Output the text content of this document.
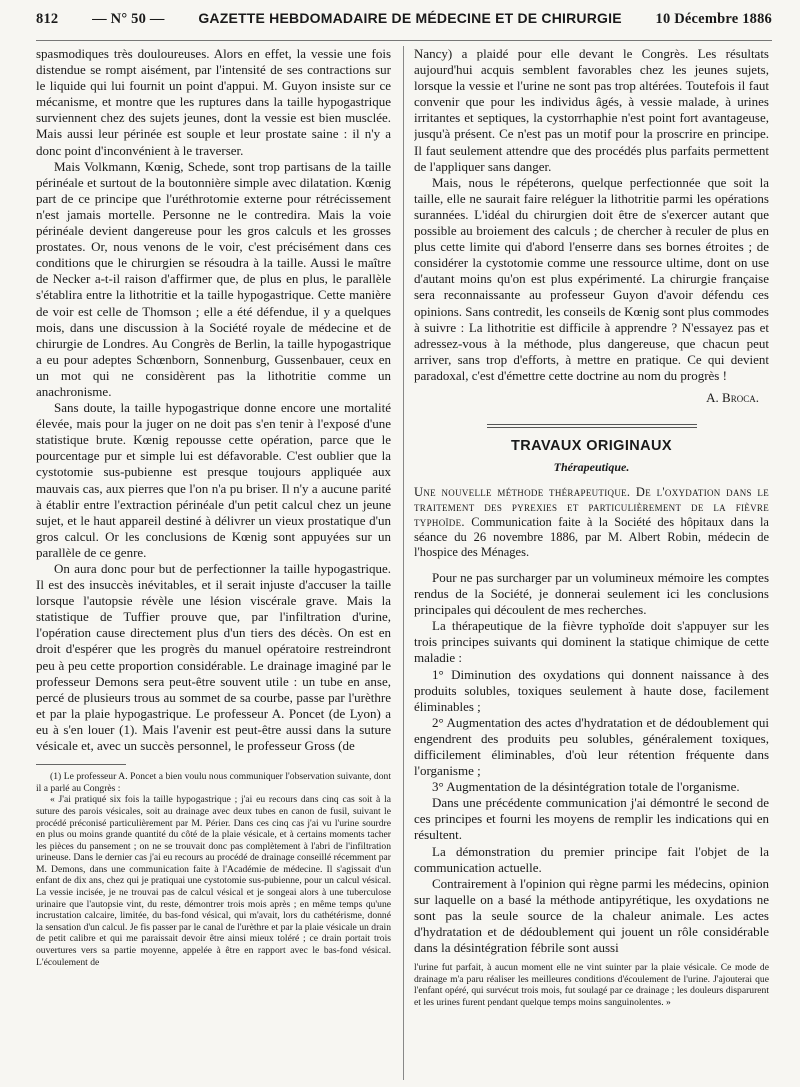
812 — N° 50 — GAZETTE HEBDOMADAIRE DE MÉDECINE ET DE CHIRURGIE 10 Décembre 1886

spasmodiques très douloureuses. Alors en effet, la vessie une fois distendue se rompt aisément, par l'intensité de ses contractions sur le liquide qui lui fournit un point d'appui. M. Guyon insiste sur ce mécanisme, et montre que les ruptures dans la taille hypogastrique surviennent chez des sujets jeunes, dont la vessie est bien musclée. Mais aussi leur périnée est souple et leur prostate saine : il n'y a donc point d'inconvénient à le traverser.

Mais Volkmann, Kœnig, Schede, sont trop partisans de la taille périnéale et surtout de la boutonnière simple avec dilatation. Kœnig part de ce principe que l'uréthrotomie externe pour rétrécissement n'est jamais mortelle. Personne ne le contredira. Mais la voie périnéale devient dangereuse pour les gros calculs et les grosses prostates. Or, nous venons de le voir, c'est précisément dans ces conditions que le chirurgien se résoudra à la taille. Aussi le maître de Necker a-t-il raison d'affirmer que, de plus en plus, le parallèle s'établira entre la lithotritie et la taille hypogastrique. Cette manière de voir est celle de Thomson ; elle a été défendue, il y a quelques mois, dans une discussion à la Société royale de médecine et de chirurgie de Londres. Au Congrès de Berlin, la taille hypogastrique a eu pour adeptes Schœnborn, Sonnenburg, Gussenbauer, ceux en un mot qui ne considèrent pas la lithotritie comme un anachronisme.

Sans doute, la taille hypogastrique donne encore une mortalité élevée, mais pour la juger on ne doit pas s'en tenir à l'exposé d'une statistique brute. Kœnig repousse cette opération, parce que le pourcentage pur et simple lui est défavorable. C'est oublier que la cystotomie sus-pubienne est presque toujours appliquée aux mauvais cas, aux pierres que l'on n'a pu briser. Il n'y a aucune parité à établir entre l'extraction périnéale d'un petit calcul chez un jeune sujet, et le haut appareil destiné à délivrer un vieux prostatique d'un gros calcul. Or les conclusions de Kœnig sont appuyées sur un parallèle de ce genre.

On aura donc pour but de perfectionner la taille hypogastrique. Il est des insuccès inévitables, et il serait injuste d'accuser la taille lorsque l'autopsie révèle une lésion viscérale grave. Mais la statistique de Tuffier prouve que, par l'infiltration d'urine, l'opération cause directement plus d'un tiers des décès. On est en droit d'espérer que les progrès du manuel opératoire restreindront peu à peu cette proportion considérable. Le drainage imaginé par le professeur Demons sera peut-être souvent utile : un tube en anse, percé de plusieurs trous au sommet de sa courbe, passe par l'urèthre et par la plaie hypogastrique. Le professeur A. Poncet (de Lyon) a eu à s'en louer (1). Mais l'avenir est peut-être aussi dans la suture vésicale et, avec un succès personnel, le professeur Gross (de

(1) Le professeur A. Poncet a bien voulu nous communiquer l'observation suivante, dont il a parlé au Congrès :

« J'ai pratiqué six fois la taille hypogastrique ; j'ai eu recours dans cinq cas soit à la suture des parois vésicales, soit au drainage avec deux tubes en canon de fusil, suivant le procédé préconisé particulièrement par M. Périer. Dans ces cinq cas j'ai vu l'urine sourdre en plus ou moins grande quantité du côté de la plaie vésicale, et à certains moments tacher les pièces du pansement ; on ne se trouvait donc pas complètement à l'abri de l'infiltration urineuse. Dans le dernier cas j'ai eu recours au procédé de drainage conseillé récemment par M. Demons, dans une communication faite à l'Académie de médecine. Il s'agissait d'un enfant de dix ans, chez qui je pratiquai une cystotomie sus-pubienne, pour un calcul vésical. La vessie incisée, je ne trouvai pas de calcul vésical et je songeai alors à une tuberculose urinaire que l'autopsie vint, du reste, démontrer trois mois après ; en même temps qu'une incrustation calcaire, limitée, du bas-fond vésical, qui m'avait, lors du cathétérisme, donné la sensation d'un calcul. Je fis passer par le canal de l'urèthre et par la plaie vésicale un drain de petit calibre et qui me paraissait devoir être ainsi mieux toléré ; ce drain portait trois ouvertures vers sa partie moyenne, appelée à être en rapport avec le bas-fond vésical. L'écoulement de

Nancy) a plaidé pour elle devant le Congrès. Les résultats aujourd'hui acquis semblent favorables chez les jeunes sujets, lorsque la vessie et l'urine ne sont pas trop altérées. Toutefois il faut convenir que pour les individus âgés, à vessie malade, à urines irritantes et septiques, la cystorrhaphie n'est point fort avantageuse, jusqu'à présent. Ce n'est pas un motif pour la proscrire en principe. Il faut seulement attendre que des procédés plus parfaits permettent de l'appliquer sans danger.

Mais, nous le répéterons, quelque perfectionnée que soit la taille, elle ne saurait faire reléguer la lithotritie parmi les opérations surannées. L'idéal du chirurgien doit être de s'exercer autant que possible au broiement des calculs ; de chercher à reculer de plus en plus cette limite qui d'abord l'enserre dans ses bornes étroites ; de considérer la cystotomie comme une ressource ultime, dont on use d'autant moins qu'on est plus expérimenté. La chirurgie française sera reconnaissante au professeur Guyon d'avoir défendu ces opinions. Sans contredit, les conseils de Kœnig sont plus commodes à suivre : La lithotritie est difficile à apprendre ? N'essayez pas et adressez-vous à la méthode, plus dangereuse, que chacun peut arriver, sans trop d'efforts, à mettre en pratique. Ce qui devient paradoxal, c'est d'émettre cette doctrine au nom du progrès !

A. Broca.
TRAVAUX ORIGINAUX
Thérapeutique.
Une nouvelle méthode thérapeutique. De l'oxydation dans le traitement des pyrexies et particulièrement de la fièvre typhoïde. Communication faite à la Société des hôpitaux dans la séance du 26 novembre 1886, par M. Albert Robin, médecin de l'hospice des Ménages.

Pour ne pas surcharger par un volumineux mémoire les comptes rendus de la Société, je donnerai seulement ici les conclusions principales qui découlent de mes recherches.

La thérapeutique de la fièvre typhoïde doit s'appuyer sur les trois principes suivants qui dominent la statique chimique de cette maladie :

1° Diminution des oxydations qui donnent naissance à des produits solubles, toxiques seulement à haute dose, facilement éliminables ;

2° Augmentation des actes d'hydratation et de dédoublement qui engendrent des produits peu solubles, généralement toxiques, difficilement éliminables, d'où leur rétention fréquente dans l'organisme ;

3° Augmentation de la désintégration totale de l'organisme.

Dans une précédente communication j'ai démontré le second de ces principes et fourni les moyens de remplir les indications qui en résultent.

La démonstration du premier principe fait l'objet de la communication actuelle.

Contrairement à l'opinion qui règne parmi les médecins, opinion sur laquelle on a basé la méthode antipyrétique, les oxydations ne sont pas la seule source de la chaleur animale. Les actes d'hydratation et de dédoublement qui jouent un rôle considérable dans la désintégration fébrile sont aussi

l'urine fut parfait, à aucun moment elle ne vint suinter par la plaie vésicale. Ce mode de drainage m'a paru réaliser les meilleures conditions d'écoulement de l'urine. J'ajouterai que l'enfant opéré, qui survécut trois mois, fut soulagé par ce drainage ; les douleurs disparurent et les urines furent pendant quelque temps moins sanguinolentes. »
